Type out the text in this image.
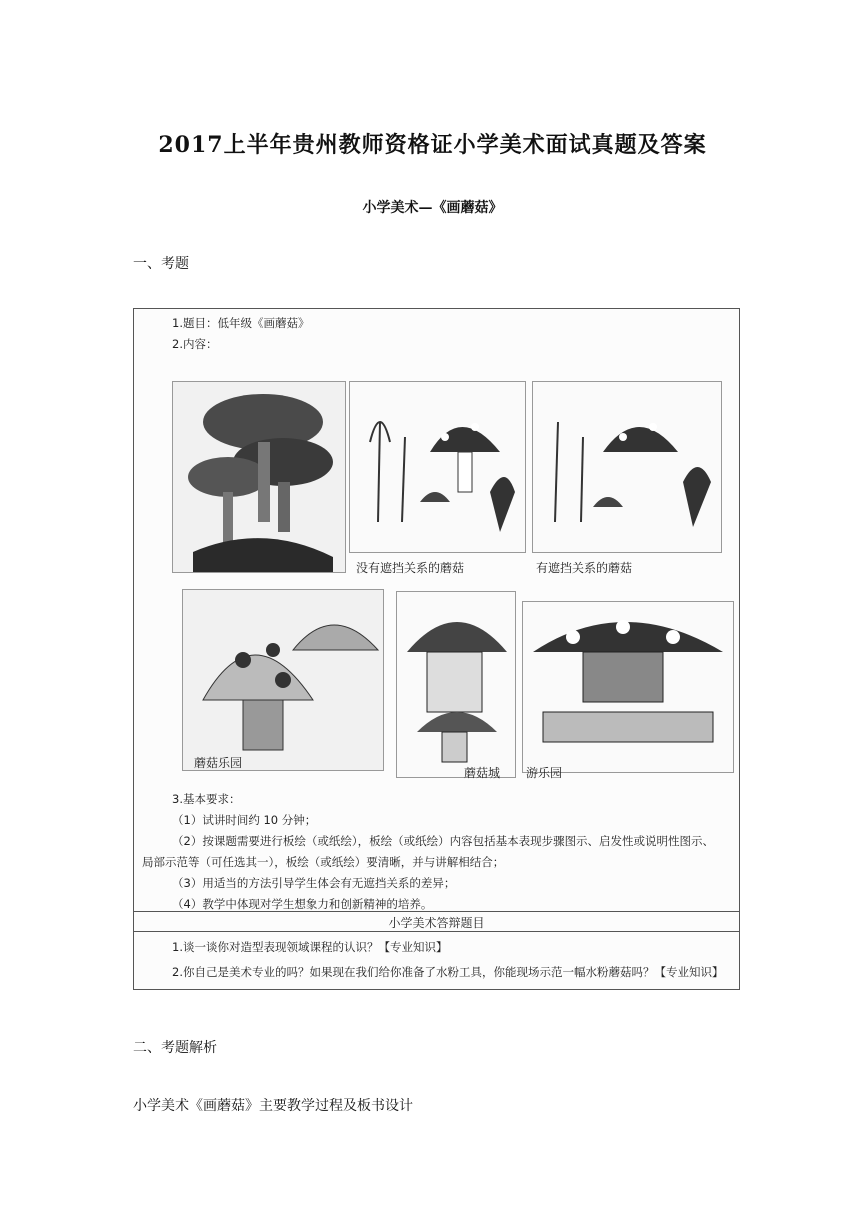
2017上半年贵州教师资格证小学美术面试真题及答案
小学美术—《画蘑菇》
一、考题
1.题目：低年级《画蘑菇》
2.内容：
没有遮挡关系的蘑菇	有遮挡关系的蘑菇
蘑菇乐园
蘑菇城 游乐园
3.基本要求：
（1）试讲时间约 10 分钟；
（2）按课题需要进行板绘（或纸绘），板绘（或纸绘）内容包括基本表现步骤图示、启发性或说明性图示、
局部示范等（可任选其一），板绘（或纸绘）要清晰，并与讲解相结合；
（3）用适当的方法引导学生体会有无遮挡关系的差异；
（4）教学中体现对学生想象力和创新精神的培养。
小学美术答辩题目
1.谈一谈你对造型表现领域课程的认识？【专业知识】
2.你自己是美术专业的吗？如果现在我们给你准备了水粉工具，你能现场示范一幅水粉蘑菇吗？【专业知识】
二、考题解析
小学美术《画蘑菇》主要教学过程及板书设计
